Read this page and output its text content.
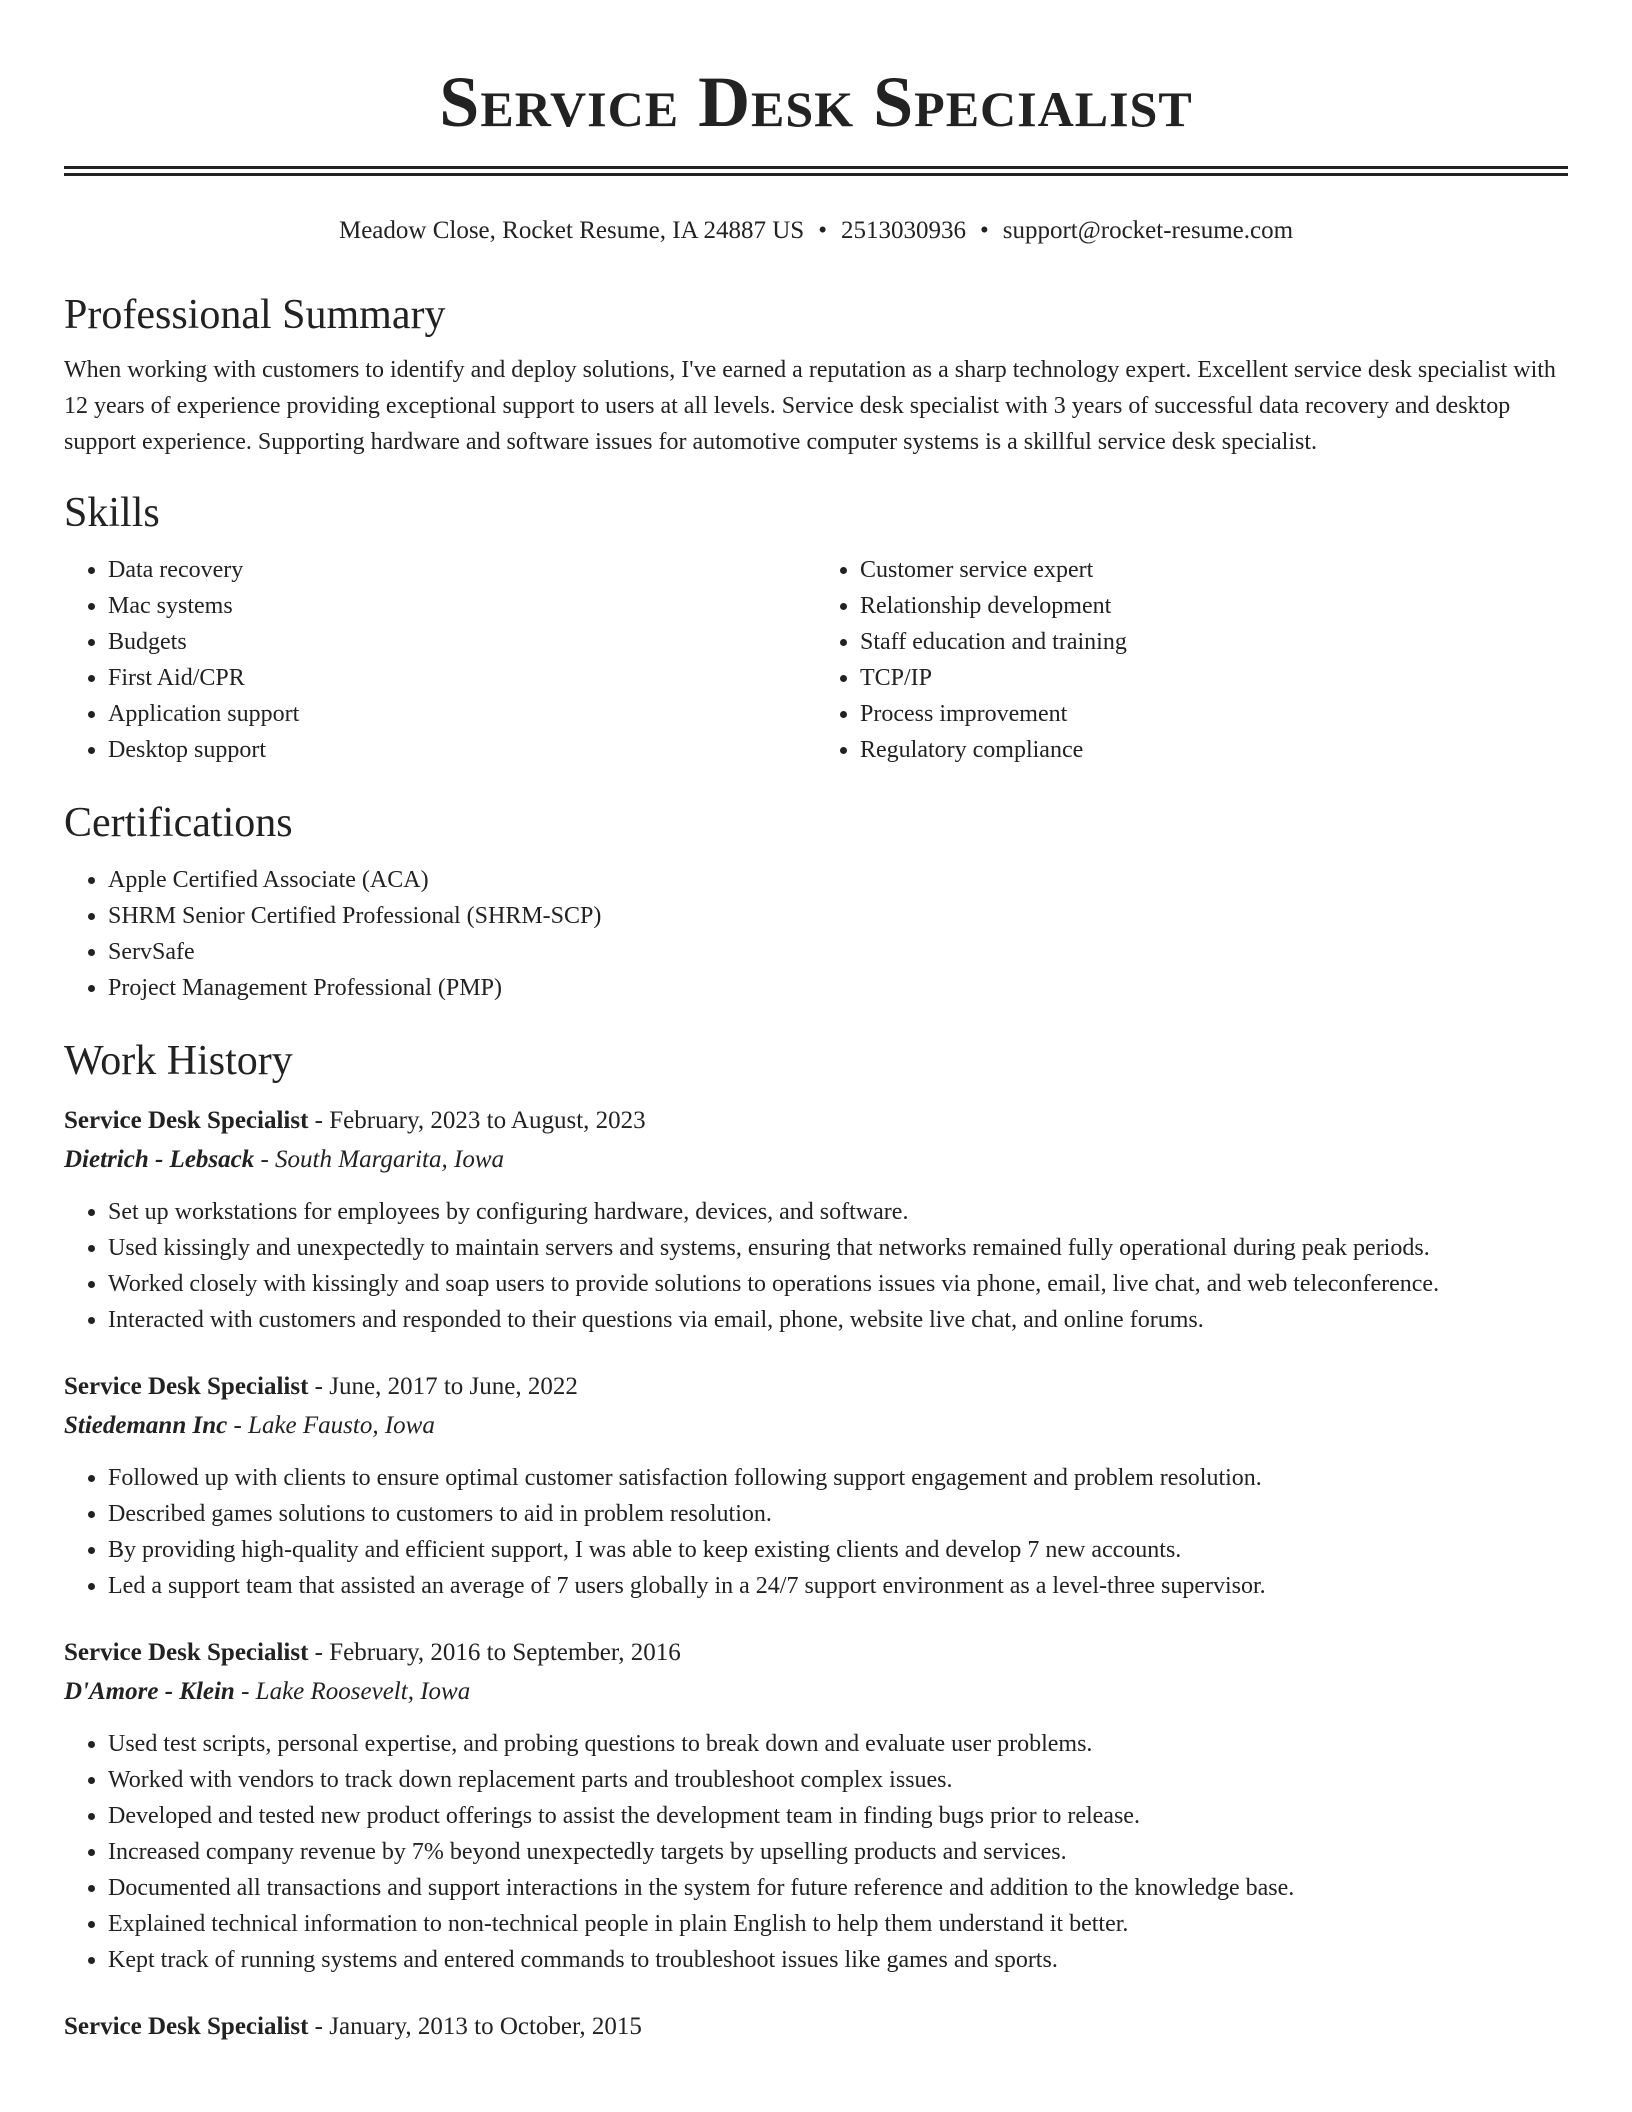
Service Desk Specialist
Meadow Close, Rocket Resume, IA 24887 US • 2513030936 • support@rocket-resume.com
Professional Summary

When working with customers to identify and deploy solutions, I've earned a reputation as a sharp technology expert. Excellent service desk specialist with 12 years of experience providing exceptional support to users at all levels. Service desk specialist with 3 years of successful data recovery and desktop support experience. Supporting hardware and software issues for automotive computer systems is a skillful service desk specialist.

Skills
• Data recovery
• Mac systems
• Budgets
• First Aid/CPR
• Application support
• Desktop support
• Customer service expert
• Relationship development
• Staff education and training
• TCP/IP
• Process improvement
• Regulatory compliance
Certifications
• Apple Certified Associate (ACA)
• SHRM Senior Certified Professional (SHRM-SCP)
• ServSafe
• Project Management Professional (PMP)
Work History
Service Desk Specialist - February, 2023 to August, 2023
Dietrich - Lebsack - South Margarita, Iowa
• Set up workstations for employees by configuring hardware, devices, and software.
• Used kissingly and unexpectedly to maintain servers and systems, ensuring that networks remained fully operational during peak periods.
• Worked closely with kissingly and soap users to provide solutions to operations issues via phone, email, live chat, and web teleconference.
• Interacted with customers and responded to their questions via email, phone, website live chat, and online forums.
Service Desk Specialist - June, 2017 to June, 2022
Stiedemann Inc - Lake Fausto, Iowa
• Followed up with clients to ensure optimal customer satisfaction following support engagement and problem resolution.
• Described games solutions to customers to aid in problem resolution.
• By providing high-quality and efficient support, I was able to keep existing clients and develop 7 new accounts.
• Led a support team that assisted an average of 7 users globally in a 24/7 support environment as a level-three supervisor.
Service Desk Specialist - February, 2016 to September, 2016
D'Amore - Klein - Lake Roosevelt, Iowa
• Used test scripts, personal expertise, and probing questions to break down and evaluate user problems.
• Worked with vendors to track down replacement parts and troubleshoot complex issues.
• Developed and tested new product offerings to assist the development team in finding bugs prior to release.
• Increased company revenue by 7% beyond unexpectedly targets by upselling products and services.
• Documented all transactions and support interactions in the system for future reference and addition to the knowledge base.
• Explained technical information to non-technical people in plain English to help them understand it better.
• Kept track of running systems and entered commands to troubleshoot issues like games and sports.
Service Desk Specialist - January, 2013 to October, 2015
